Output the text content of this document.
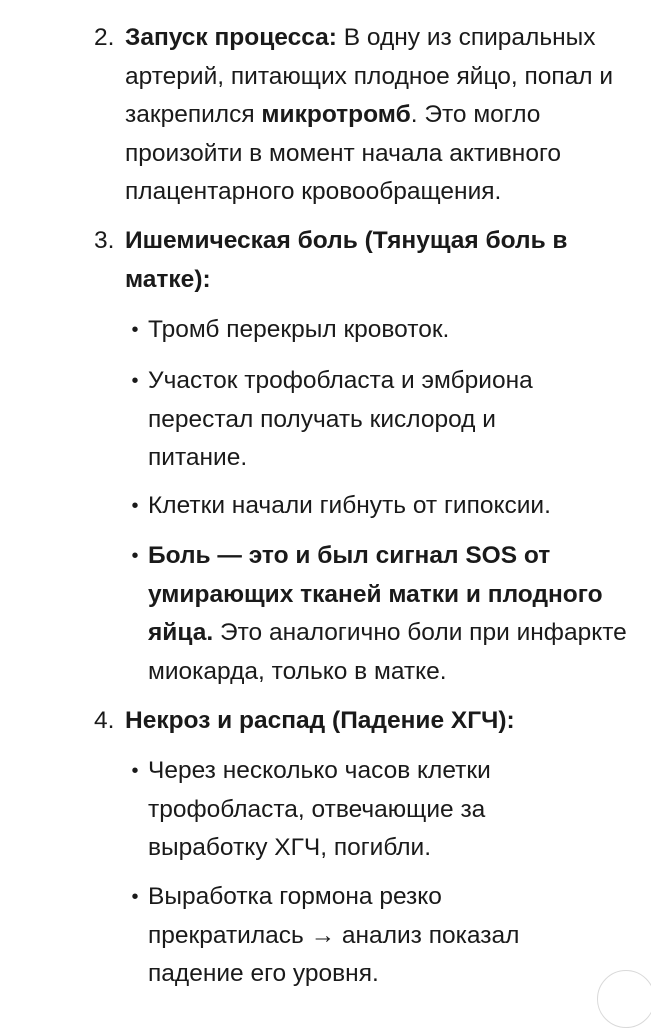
2. Запуск процесса: В одну из спиральных артерий, питающих плодное яйцо, попал и закрепился микротромб. Это могло произойти в момент начала активного плацентарного кровообращения.
3. Ишемическая боль (Тянущая боль в матке):
• Тромб перекрыл кровоток.
• Участок трофобласта и эмбриона перестал получать кислород и питание.
• Клетки начали гибнуть от гипоксии.
• Боль — это и был сигнал SOS от умирающих тканей матки и плодного яйца. Это аналогично боли при инфаркте миокарда, только в матке.
4. Некроз и распад (Падение ХГЧ):
• Через несколько часов клетки трофобласта, отвечающие за выработку ХГЧ, погибли.
• Выработка гормона резко прекратилась → анализ показал падение его уровня.
